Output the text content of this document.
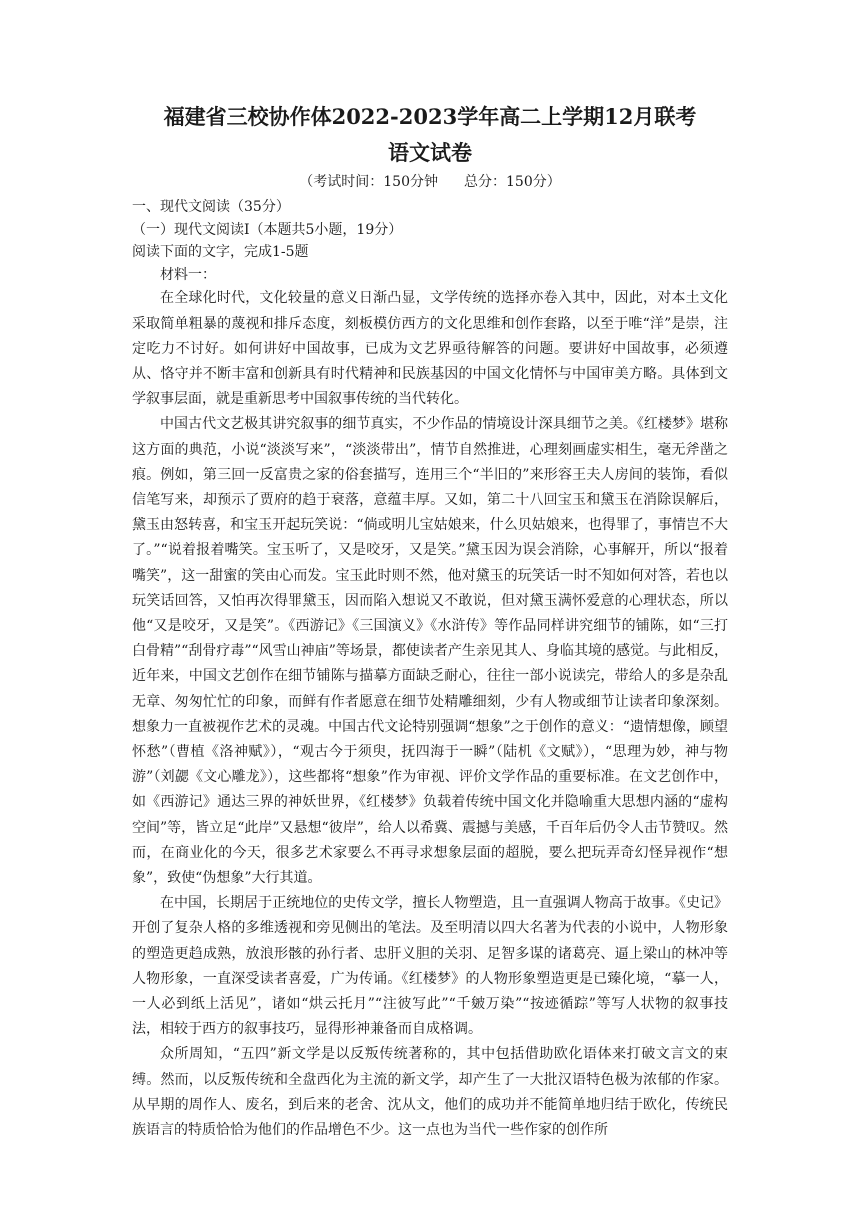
福建省三校协作体2022-2023学年高二上学期12月联考
语文试卷

（考试时间：150分钟 总分：150分）

一、现代文阅读（35分）

（一）现代文阅读Ⅰ（本题共5小题，19分）

阅读下面的文字，完成1-5题

材料一：

在全球化时代，文化较量的意义日渐凸显，文学传统的选择亦卷入其中，因此，对本土文化采取简单粗暴的蔑视和排斥态度，刻板模仿西方的文化思维和创作套路，以至于唯“洋”是崇，注定吃力不讨好。如何讲好中国故事，已成为文艺界亟待解答的问题。要讲好中国故事，必须遵从、恪守并不断丰富和创新具有时代精神和民族基因的中国文化情怀与中国审美方略。具体到文学叙事层面，就是重新思考中国叙事传统的当代转化。

中国古代文艺极其讲究叙事的细节真实，不少作品的情境设计深具细节之美。《红楼梦》堪称这方面的典范，小说“淡淡写来”，“淡淡带出”，情节自然推进，心理刻画虚实相生，毫无斧凿之痕。例如，第三回一反富贵之家的俗套描写，连用三个“半旧的”来形容王夫人房间的装饰，看似信笔写来，却预示了贾府的趋于衰落，意蕴丰厚。又如，第二十八回宝玉和黛玉在消除误解后，黛玉由怒转喜，和宝玉开起玩笑说：“倘或明儿宝姑娘来，什么贝姑娘来，也得罪了，事情岂不大了。”“说着报着嘴笑。宝玉听了，又是咬牙，又是笑。”黛玉因为误会消除，心事解开，所以“报着嘴笑”，这一甜蜜的笑由心而发。宝玉此时则不然，他对黛玉的玩笑话一时不知如何对答，若也以玩笑话回答，又怕再次得罪黛玉，因而陷入想说又不敢说，但对黛玉满怀爱意的心理状态，所以他“又是咬牙，又是笑”。《西游记》《三国演义》《水浒传》等作品同样讲究细节的铺陈，如“三打白骨精”“刮骨疗毒”“风雪山神庙”等场景，都使读者产生亲见其人、身临其境的感觉。与此相反，近年来，中国文艺创作在细节铺陈与描摹方面缺乏耐心，往往一部小说读完，带给人的多是杂乱无章、匆匆忙忙的印象，而鲜有作者愿意在细节处精雕细刻，少有人物或细节让读者印象深刻。想象力一直被视作艺术的灵魂。中国古代文论特别强调“想象”之于创作的意义：“遗情想像，顾望怀愁”（曹植《洛神赋》），“观古今于须臾，抚四海于一瞬”（陆机《文赋》），“思理为妙，神与物游”（刘勰《文心雕龙》），这些都将“想象”作为审视、评价文学作品的重要标准。在文艺创作中，如《西游记》通达三界的神妖世界，《红楼梦》负载着传统中国文化并隐喻重大思想内涵的“虚构空间”等，皆立足“此岸”又悬想“彼岸”，给人以希冀、震撼与美感，千百年后仍令人击节赞叹。然而，在商业化的今天，很多艺术家要么不再寻求想象层面的超脱，要么把玩弄奇幻怪异视作“想象”，致使“伪想象”大行其道。

在中国，长期居于正统地位的史传文学，擅长人物塑造，且一直强调人物高于故事。《史记》开创了复杂人格的多维透视和旁见侧出的笔法。及至明清以四大名著为代表的小说中，人物形象的塑造更趋成熟，放浪形骸的孙行者、忠肝义胆的关羽、足智多谋的诸葛亮、逼上梁山的林冲等人物形象，一直深受读者喜爱，广为传诵。《红楼梦》的人物形象塑造更是已臻化境，“摹一人，一人必到纸上活见”，诸如“烘云托月”“注彼写此”“千皴万染”“按迹循踪”等写人状物的叙事技法，相较于西方的叙事技巧，显得形神兼备而自成格调。

众所周知，“五四”新文学是以反叛传统著称的，其中包括借助欧化语体来打破文言文的束缚。然而，以反叛传统和全盘西化为主流的新文学，却产生了一大批汉语特色极为浓郁的作家。从早期的周作人、废名，到后来的老舍、沈从文，他们的成功并不能简单地归结于欧化，传统民族语言的特质恰恰为他们的作品增色不少。这一点也为当代一些作家的创作所
